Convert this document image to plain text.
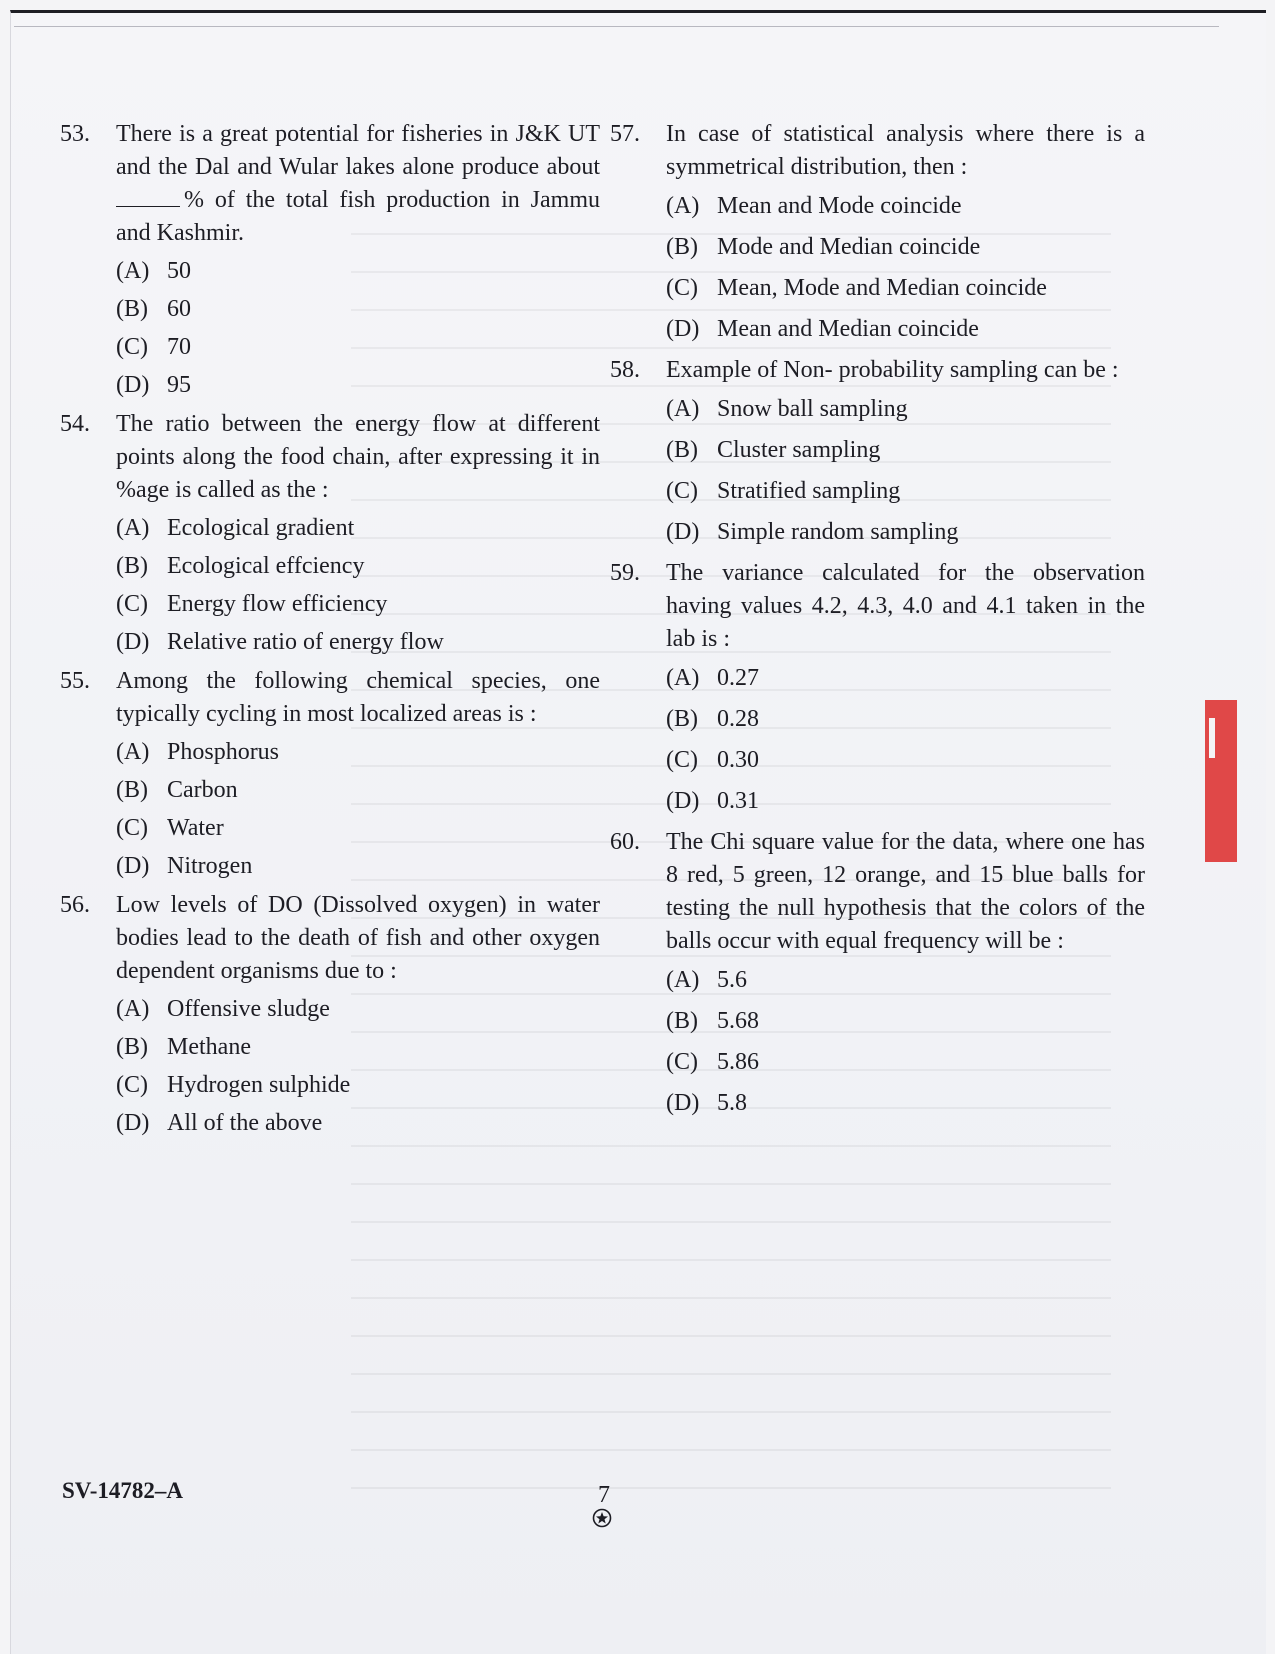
53.	There is a great potential for fisheries in J&K UT and the Dal and Wular lakes alone produce about % of the total fish production in Jammu and Kashmir.
(A) 50
(B) 60
(C) 70
(D) 95
54.	The ratio between the energy flow at different points along the food chain, after expressing it in %age is called as the :
(A) Ecological gradient
(B) Ecological effciency
(C) Energy flow efficiency
(D) Relative ratio of energy flow
55.	Among the following chemical species, one typically cycling in most localized areas is :
(A) Phosphorus
(B) Carbon
(C) Water
(D) Nitrogen
56.	Low levels of DO (Dissolved oxygen) in water bodies lead to the death of fish and other oxygen dependent organisms due to :
(A) Offensive sludge
(B) Methane
(C) Hydrogen sulphide
(D) All of the above
57.	In case of statistical analysis where there is a symmetrical distribution, then :
(A) Mean and Mode coincide
(B) Mode and Median coincide
(C) Mean, Mode and Median coincide
(D) Mean and Median coincide
58.	Example of Non- probability sampling can be :
(A) Snow ball sampling
(B) Cluster sampling
(C) Stratified sampling
(D) Simple random sampling
59.	The variance calculated for the observation having values 4.2, 4.3, 4.0 and 4.1 taken in the lab is :
(A) 0.27
(B) 0.28
(C) 0.30
(D) 0.31
60.	The Chi square value for the data, where one has 8 red, 5 green, 12 orange, and 15 blue balls for testing the null hypothesis that the colors of the balls occur with equal frequency will be :
(A) 5.6
(B) 5.68
(C) 5.86
(D) 5.8
SV-14782–A	7
